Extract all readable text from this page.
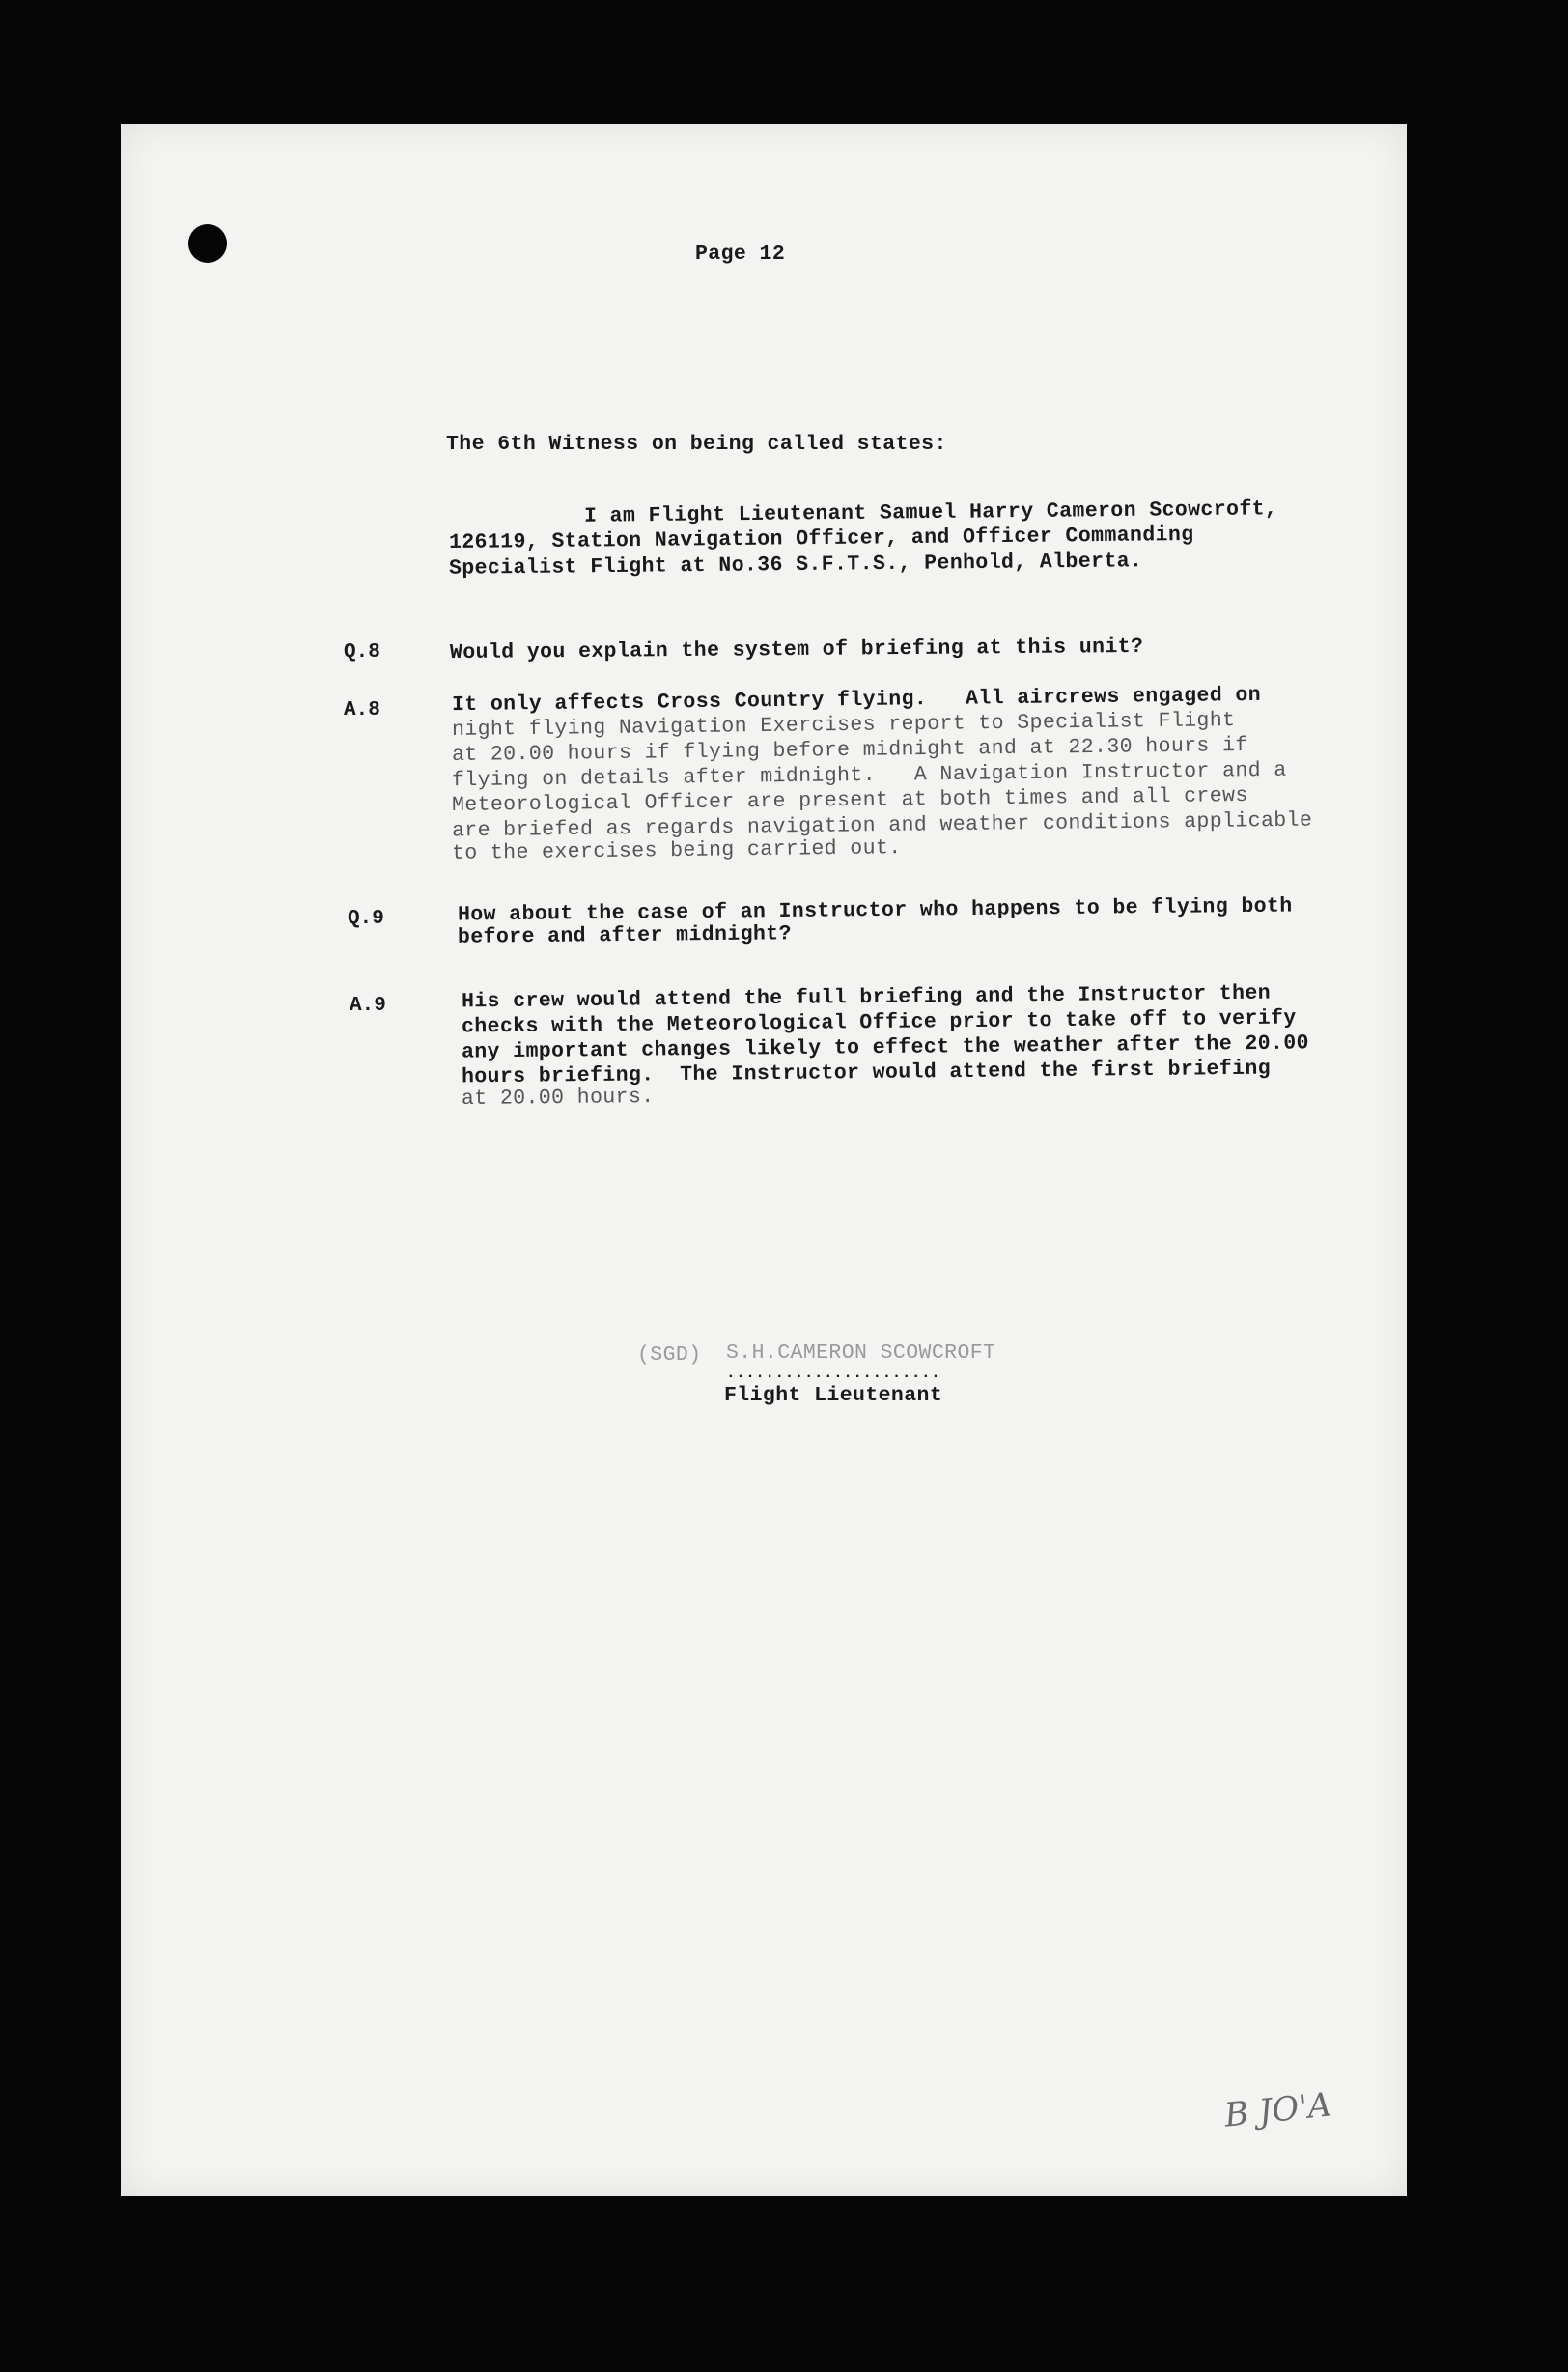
Page 12
The 6th Witness on being called states:
I am Flight Lieutenant Samuel Harry Cameron Scowcroft,
126119, Station Navigation Officer, and Officer Commanding
Specialist Flight at No.36 S.F.T.S., Penhold, Alberta.
Q.8	Would you explain the system of briefing at this unit?
A.8	It only affects Cross Country flying.   All aircrews engaged on
night flying Navigation Exercises report to Specialist Flight
at 20.00 hours if flying before midnight and at 22.30 hours if
flying on details after midnight.   A Navigation Instructor and a
Meteorological Officer are present at both times and all crews
are briefed as regards navigation and weather conditions applicable
to the exercises being carried out.
Q.9	How about the case of an Instructor who happens to be flying both
before and after midnight?
A.9	His crew would attend the full briefing and the Instructor then
checks with the Meteorological Office prior to take off to verify
any important changes likely to effect the weather after the 20.00
hours briefing.  The Instructor would attend the first briefing
at 20.00 hours.
(SGD) S.H.CAMERON SCOWCROFT
......................
Flight Lieutenant
B JO'A
